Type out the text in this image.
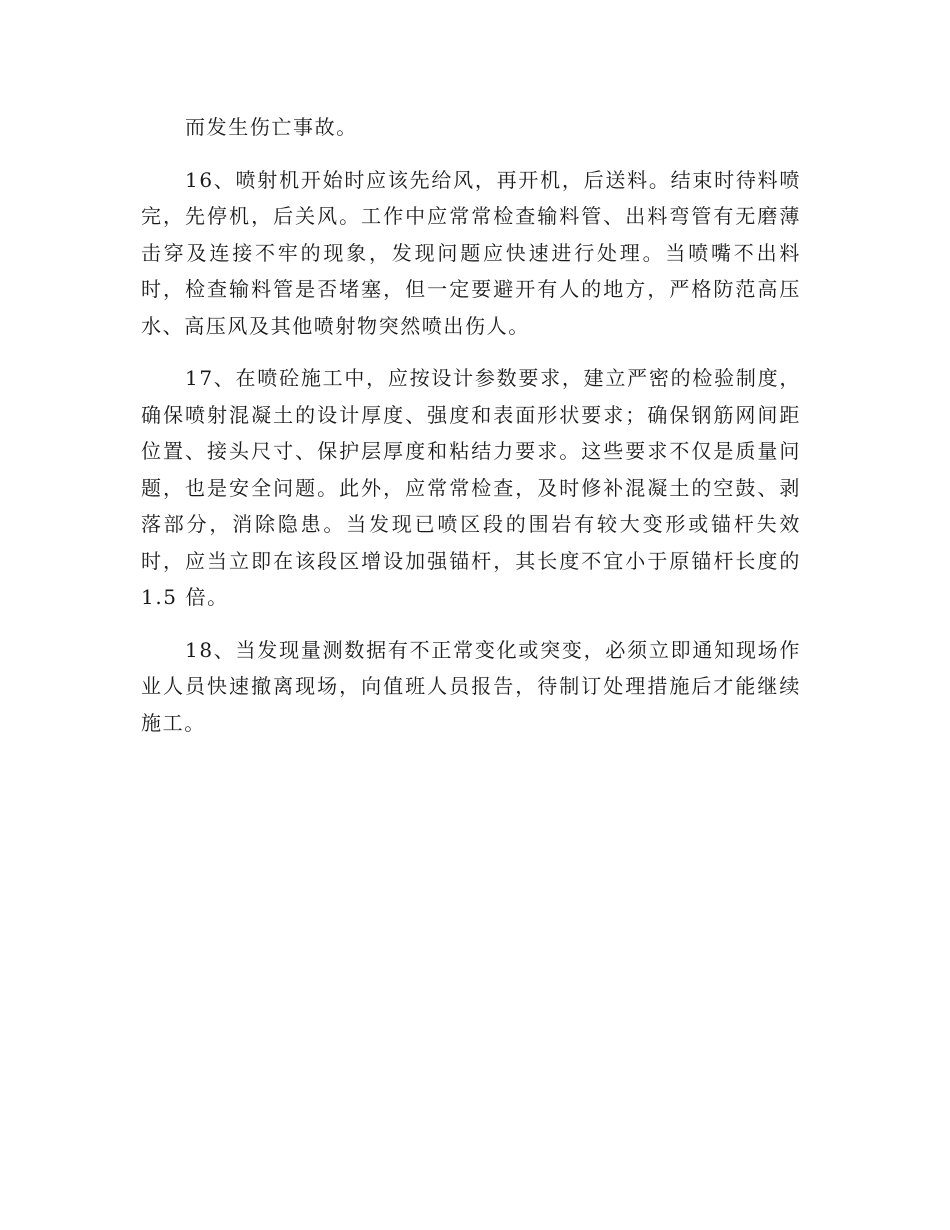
而发生伤亡事故。

16、喷射机开始时应该先给风，再开机，后送料。结束时待料喷完，先停机，后关风。工作中应常常检查输料管、出料弯管有无磨薄击穿及连接不牢的现象，发现问题应快速进行处理。当喷嘴不出料时，检查输料管是否堵塞，但一定要避开有人的地方，严格防范高压水、高压风及其他喷射物突然喷出伤人。

17、在喷砼施工中，应按设计参数要求，建立严密的检验制度，确保喷射混凝土的设计厚度、强度和表面形状要求；确保钢筋网间距位置、接头尺寸、保护层厚度和粘结力要求。这些要求不仅是质量问题，也是安全问题。此外，应常常检查，及时修补混凝土的空鼓、剥落部分，消除隐患。当发现已喷区段的围岩有较大变形或锚杆失效时，应当立即在该段区增设加强锚杆，其长度不宜小于原锚杆长度的 1.5 倍。

18、当发现量测数据有不正常变化或突变，必须立即通知现场作业人员快速撤离现场，向值班人员报告，待制订处理措施后才能继续施工。
